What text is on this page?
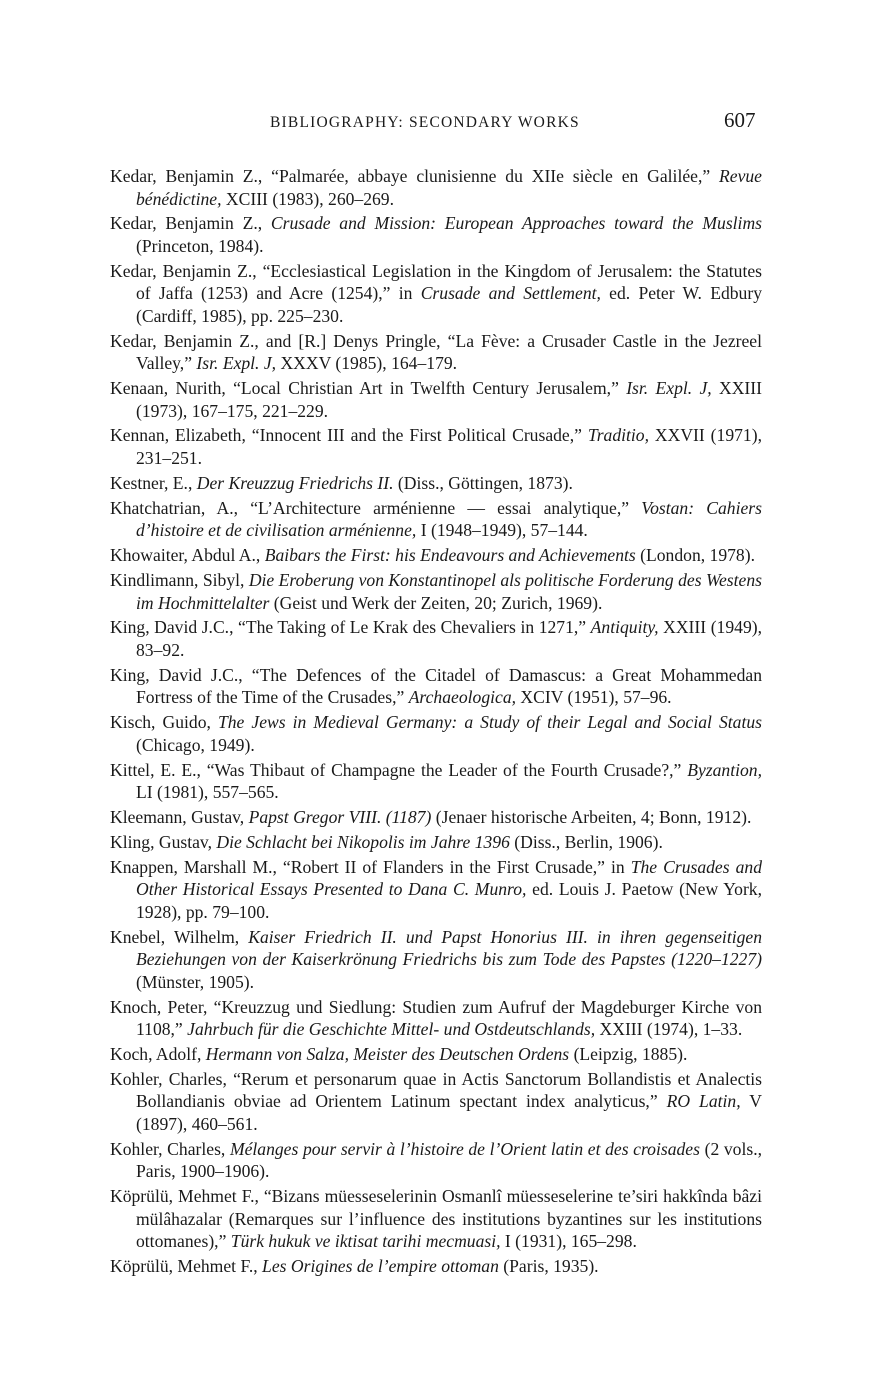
BIBLIOGRAPHY: SECONDARY WORKS	607

Kedar, Benjamin Z., “Palmarée, abbaye clunisienne du XIIe siècle en Galilée,” Revue bénédictine, XCIII (1983), 260–269.

Kedar, Benjamin Z., Crusade and Mission: European Approaches toward the Muslims (Princeton, 1984).

Kedar, Benjamin Z., “Ecclesiastical Legislation in the Kingdom of Jerusalem: the Statutes of Jaffa (1253) and Acre (1254),” in Crusade and Settlement, ed. Peter W. Edbury (Cardiff, 1985), pp. 225–230.

Kedar, Benjamin Z., and [R.] Denys Pringle, “La Fève: a Crusader Castle in the Jezreel Valley,” Isr. Expl. J, XXXV (1985), 164–179.

Kenaan, Nurith, “Local Christian Art in Twelfth Century Jerusalem,” Isr. Expl. J, XXIII (1973), 167–175, 221–229.

Kennan, Elizabeth, “Innocent III and the First Political Crusade,” Traditio, XXVII (1971), 231–251.

Kestner, E., Der Kreuzzug Friedrichs II. (Diss., Göttingen, 1873).

Khatchatrian, A., “L’Architecture arménienne — essai analytique,” Vostan: Cahiers d’histoire et de civilisation arménienne, I (1948–1949), 57–144.

Khowaiter, Abdul A., Baibars the First: his Endeavours and Achievements (London, 1978).

Kindlimann, Sibyl, Die Eroberung von Konstantinopel als politische Forderung des Westens im Hochmittelalter (Geist und Werk der Zeiten, 20; Zurich, 1969).

King, David J.C., “The Taking of Le Krak des Chevaliers in 1271,” Antiquity, XXIII (1949), 83–92.

King, David J.C., “The Defences of the Citadel of Damascus: a Great Mohammedan Fortress of the Time of the Crusades,” Archaeologica, XCIV (1951), 57–96.

Kisch, Guido, The Jews in Medieval Germany: a Study of their Legal and Social Status (Chicago, 1949).

Kittel, E. E., “Was Thibaut of Champagne the Leader of the Fourth Crusade?,” Byzantion, LI (1981), 557–565.

Kleemann, Gustav, Papst Gregor VIII. (1187) (Jenaer historische Arbeiten, 4; Bonn, 1912).

Kling, Gustav, Die Schlacht bei Nikopolis im Jahre 1396 (Diss., Berlin, 1906).

Knappen, Marshall M., “Robert II of Flanders in the First Crusade,” in The Crusades and Other Historical Essays Presented to Dana C. Munro, ed. Louis J. Paetow (New York, 1928), pp. 79–100.

Knebel, Wilhelm, Kaiser Friedrich II. und Papst Honorius III. in ihren gegenseitigen Beziehungen von der Kaiserkrönung Friedrichs bis zum Tode des Papstes (1220–1227) (Münster, 1905).

Knoch, Peter, “Kreuzzug und Siedlung: Studien zum Aufruf der Magdeburger Kirche von 1108,” Jahrbuch für die Geschichte Mittel- und Ostdeutschlands, XXIII (1974), 1–33.

Koch, Adolf, Hermann von Salza, Meister des Deutschen Ordens (Leipzig, 1885).

Kohler, Charles, “Rerum et personarum quae in Actis Sanctorum Bollandistis et Analectis Bollandianis obviae ad Orientem Latinum spectant index analyticus,” RO Latin, V (1897), 460–561.

Kohler, Charles, Mélanges pour servir à l’histoire de l’Orient latin et des croisades (2 vols., Paris, 1900–1906).

Köprülü, Mehmet F., “Bizans müesseselerinin Osmanlî müesseselerine te’siri hakkînda bâzi mülâhazalar (Remarques sur l’influence des institutions byzantines sur les institutions ottomanes),” Türk hukuk ve iktisat tarihi mecmuasi, I (1931), 165–298.

Köprülü, Mehmet F., Les Origines de l’empire ottoman (Paris, 1935).
